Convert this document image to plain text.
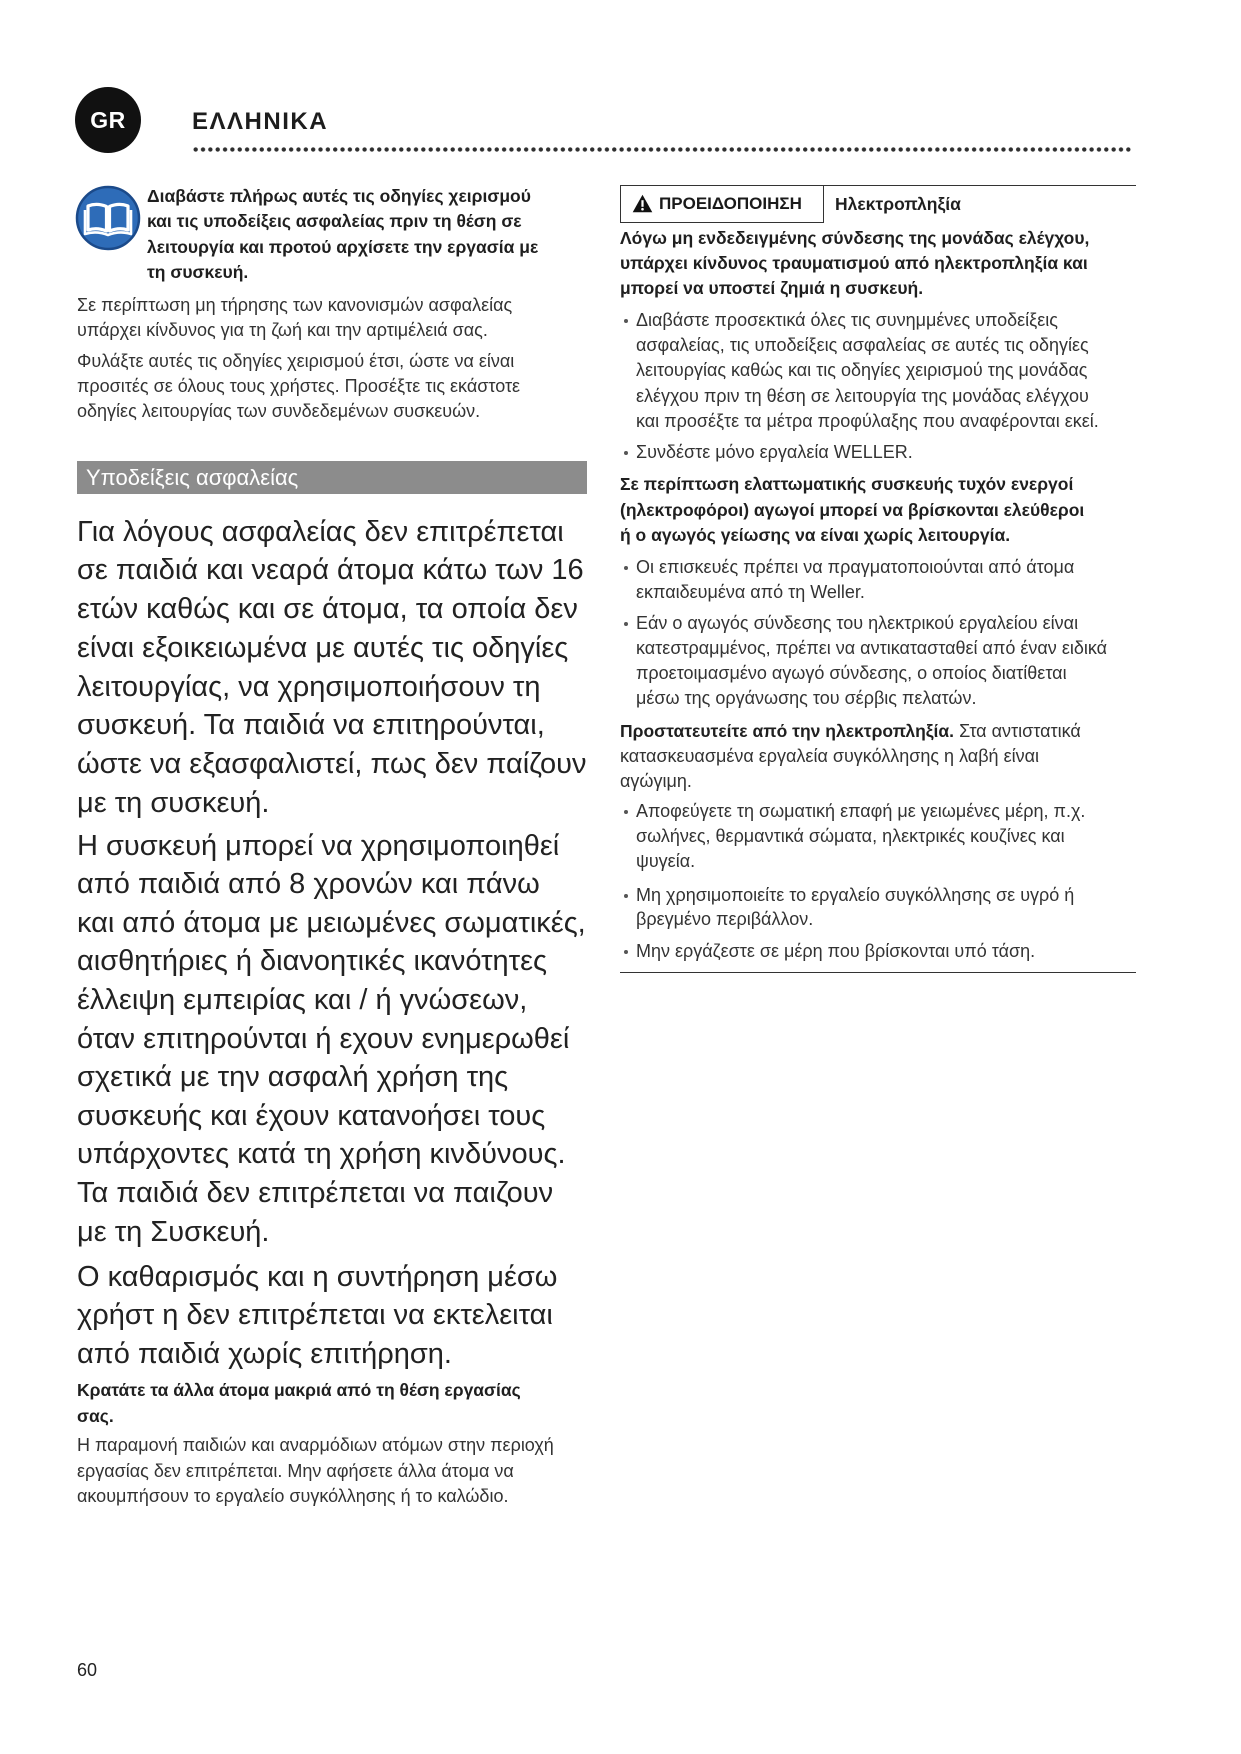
GR	ΕΛΛΗΝΙΚΑ
Διαβάστε πλήρως αυτές τις οδηγίες χειρισμού
και τις υποδείξεις ασφαλείας πριν τη θέση σε
λειτουργία και προτού αρχίσετε την εργασία με
τη συσκευή.
Σε περίπτωση μη τήρησης των κανονισμών ασφαλείας
υπάρχει κίνδυνος για τη ζωή και την αρτιμέλειά σας.
Φυλάξτε αυτές τις οδηγίες χειρισμού έτσι, ώστε να είναι
προσιτές σε όλους τους χρήστες. Προσέξτε τις εκάστοτε
οδηγίες λειτουργίας των συνδεδεμένων συσκευών.
Υποδείξεις ασφαλείας
Για λόγους ασφαλείας δεν επιτρέπεται
σε παιδιά και νεαρά άτομα κάτω των 16
ετών καθώς και σε άτομα, τα οποία δεν
είναι εξοικειωμένα με αυτές τις οδηγίες
λειτουργίας, να χρησιμοποιήσουν τη
συσκευή. Τα παιδιά να επιτηρούνται,
ώστε να εξασφαλιστεί, πως δεν παίζουν
με τη συσκευή.
Η συσκευή μπορεί να χρησιμοποιηθεί
από παιδιά από 8 χρονών και πάνω
και από άτομα με μειωμένες σωματικές,
αισθητήριες ή διανοητικές ικανότητες
έλλειψη εμπειρίας και / ή γνώσεων,
όταν επιτηρούνται ή εχουν ενημερωθεί
σχετικά με την ασφαλή χρήση της
συσκευής και έχουν κατανοήσει τους
υπάρχοντες κατά τη χρήση κινδύνους.
Τα παιδιά δεν επιτρέπεται να παιζουν
με τη Συσκευή.
Ο καθαρισμός και η συντήρηση μέσω
χρήστ η δεν επιτρέπεται να εκτελειται
από παιδιά χωρίς επιτήρηση.
Κρατάτε τα άλλα άτομα μακριά από τη θέση εργασίας
σας.
Η παραμονή παιδιών και αναρμόδιων ατόμων στην περιοχή
εργασίας δεν επιτρέπεται. Μην αφήσετε άλλα άτομα να
ακουμπήσουν το εργαλείο συγκόλλησης ή το καλώδιο.
60
ΠΡΟΕΙΔΟΠΟΙΗΣΗ Ηλεκτροπληξία
Λόγω μη ενδεδειγμένης σύνδεσης της μονάδας ελέγχου,
υπάρχει κίνδυνος τραυματισμού από ηλεκτροπληξία και
μπορεί να υποστεί ζημιά η συσκευή.
Διαβάστε προσεκτικά όλες τις συνημμένες υποδείξεις
ασφαλείας, τις υποδείξεις ασφαλείας σε αυτές τις οδηγίες
λειτουργίας καθώς και τις οδηγίες χειρισμού της μονάδας
ελέγχου πριν τη θέση σε λειτουργία της μονάδας ελέγχου
και προσέξτε τα μέτρα προφύλαξης που αναφέρονται εκεί.
Συνδέστε μόνο εργαλεία WELLER.
Σε περίπτωση ελαττωματικής συσκευής τυχόν ενεργοί
(ηλεκτροφόροι) αγωγοί μπορεί να βρίσκονται ελεύθεροι
ή ο αγωγός γείωσης να είναι χωρίς λειτουργία.
Οι επισκευές πρέπει να πραγματοποιούνται από άτομα
εκπαιδευμένα από τη Weller.
Εάν ο αγωγός σύνδεσης του ηλεκτρικού εργαλείου είναι
κατεστραμμένος, πρέπει να αντικατασταθεί από έναν ειδικά
προετοιμασμένο αγωγό σύνδεσης, ο οποίος διατίθεται
μέσω της οργάνωσης του σέρβις πελατών.
Προστατευτείτε από την ηλεκτροπληξία. Στα αντιστατικά
κατασκευασμένα εργαλεία συγκόλλησης η λαβή είναι
αγώγιμη.
Αποφεύγετε τη σωματική επαφή με γειωμένες μέρη, π.χ.
σωλήνες, θερμαντικά σώματα, ηλεκτρικές κουζίνες και
ψυγεία.
Μη χρησιμοποιείτε το εργαλείο συγκόλλησης σε υγρό ή
βρεγμένο περιβάλλον.
Μην εργάζεστε σε μέρη που βρίσκονται υπό τάση.
